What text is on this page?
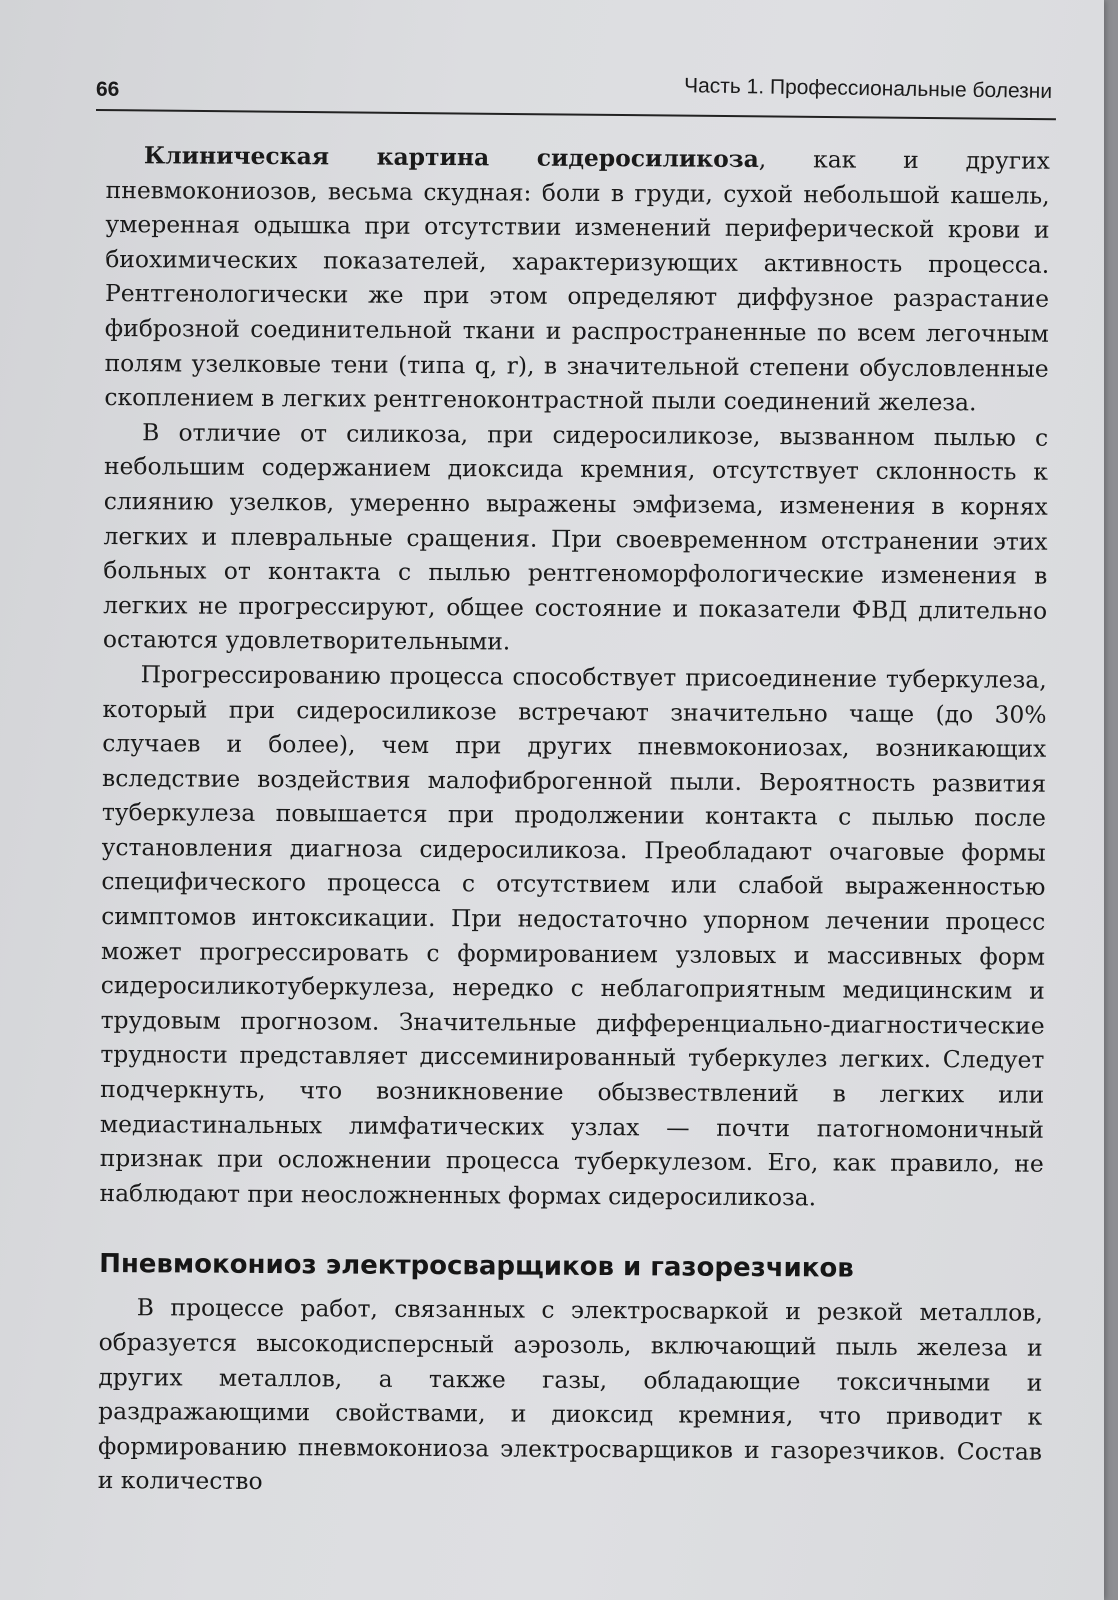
66	Часть 1. Профессиональные болезни

Клиническая картина сидеросиликоза, как и других пневмокониозов, весьма скудная: боли в груди, сухой небольшой кашель, умеренная одышка при отсутствии изменений периферической крови и биохимических показателей, характеризующих активность процесса. Рентгенологически же при этом определяют диффузное разрастание фиброзной соединительной ткани и распространенные по всем легочным полям узелковые тени (типа q, r), в значительной степени обусловленные скоплением в легких рентгеноконтрастной пыли соединений железа.

В отличие от силикоза, при сидеросиликозе, вызванном пылью с небольшим содержанием диоксида кремния, отсутствует склонность к слиянию узелков, умеренно выражены эмфизема, изменения в корнях легких и плевральные сращения. При своевременном отстранении этих больных от контакта с пылью рентгеноморфологические изменения в легких не прогрессируют, общее состояние и показатели ФВД длительно остаются удовлетворительными.

Прогрессированию процесса способствует присоединение туберкулеза, который при сидеросиликозе встречают значительно чаще (до 30% случаев и более), чем при других пневмокониозах, возникающих вследствие воздействия малофиброгенной пыли. Вероятность развития туберкулеза повышается при продолжении контакта с пылью после установления диагноза сидеросиликоза. Преобладают очаговые формы специфического процесса с отсутствием или слабой выраженностью симптомов интоксикации. При недостаточно упорном лечении процесс может прогрессировать с формированием узловых и массивных форм сидеросиликотуберкулеза, нередко с неблагоприятным медицинским и трудовым прогнозом. Значительные дифференциально-диагностические трудности представляет диссеминированный туберкулез легких. Следует подчеркнуть, что возникновение обызвествлений в легких или медиастинальных лимфатических узлах — почти патогномоничный признак при осложнении процесса туберкулезом. Его, как правило, не наблюдают при неосложненных формах сидеросиликоза.

Пневмокониоз электросварщиков и газорезчиков

В процессе работ, связанных с электросваркой и резкой металлов, образуется высокодисперсный аэрозоль, включающий пыль железа и других металлов, а также газы, обладающие токсичными и раздражающими свойствами, и диоксид кремния, что приводит к формированию пневмокониоза электросварщиков и газорезчиков. Состав и количество
